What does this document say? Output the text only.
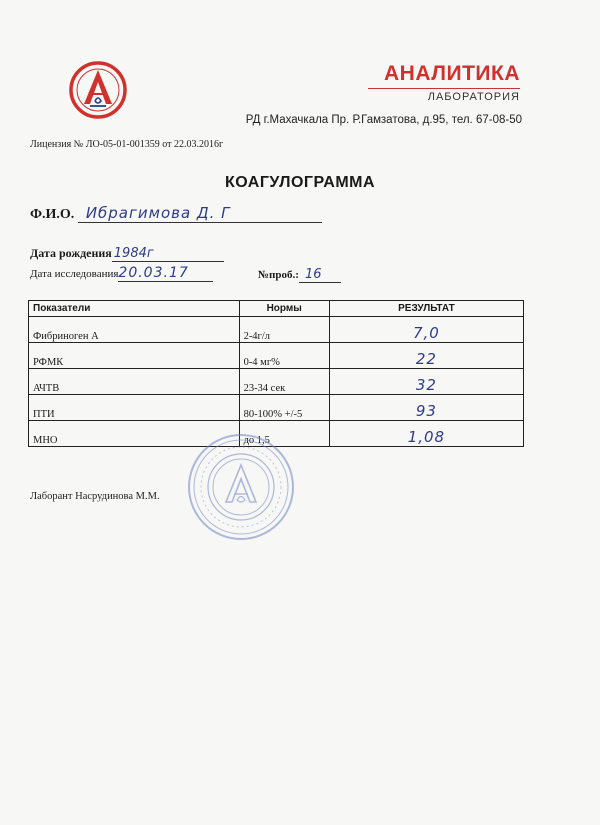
АНАЛИТИКА
ЛАБОРАТОРИЯ
РД г.Махачкала Пр. Р.Гамзатова, д.95, тел. 67-08-50
Лицензия № ЛО-05-01-001359 от 22.03.2016г
КОАГУЛОГРАММА
Ф.И.О. Ибрагимова Д. Г
Дата рождения 1984г
Дата исследования20.03.17	№проб.: 16
Показатели	Нормы	РЕЗУЛЬТАТ
Фибриноген А	2-4г/л	7,0
РФМК	0-4 мг%	22
АЧТВ	23-34 сек	32
ПТИ	80-100% +/-5	93
МНО	до 1,5	1,08
Лаборант Насрудинова М.М.
